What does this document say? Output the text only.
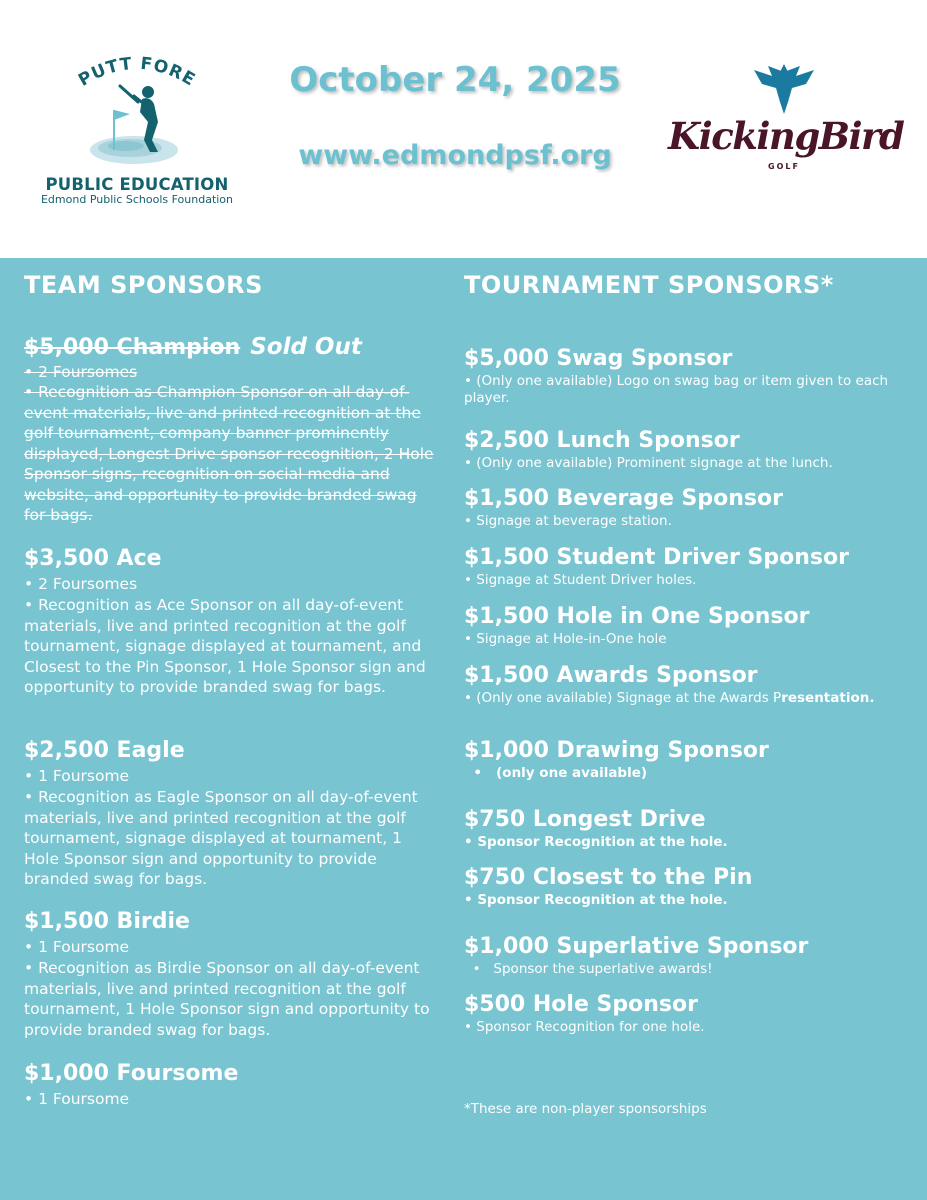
PUTT FORE
PUBLIC EDUCATION
Edmond Public Schools Foundation
October 24, 2025
www.edmondpsf.org	KickingBird
GOLF
TEAM SPONSORS
$5,000 Champion Sold Out
• 2 Foursomes
• Recognition as Champion Sponsor on all day-of-event materials, live and printed recognition at the golf tournament, company banner prominently displayed, Longest Drive sponsor recognition, 2 Hole Sponsor signs, recognition on social media and website, and opportunity to provide branded swag for bags.
$3,500 Ace
• 2 Foursomes
• Recognition as Ace Sponsor on all day-of-event materials, live and printed recognition at the golf tournament, signage displayed at tournament, and Closest to the Pin Sponsor, 1 Hole Sponsor sign and opportunity to provide branded swag for bags.
$2,500 Eagle
• 1 Foursome
• Recognition as Eagle Sponsor on all day-of-event materials, live and printed recognition at the golf tournament, signage displayed at tournament, 1 Hole Sponsor sign and opportunity to provide branded swag for bags.
$1,500 Birdie
• 1 Foursome
• Recognition as Birdie Sponsor on all day-of-event materials, live and printed recognition at the golf tournament, 1 Hole Sponsor sign and opportunity to provide branded swag for bags.
$1,000 Foursome
• 1 Foursome
TOURNAMENT SPONSORS*
$5,000 Swag Sponsor
• (Only one available) Logo on swag bag or item given to each player.
$2,500 Lunch Sponsor
• (Only one available) Prominent signage at the lunch.
$1,500 Beverage Sponsor
• Signage at beverage station.
$1,500 Student Driver Sponsor
• Signage at Student Driver holes.
$1,500 Hole in One Sponsor
• Signage at Hole-in-One hole
$1,500 Awards Sponsor
• (Only one available) Signage at the Awards Presentation.
$1,000 Drawing Sponsor
•   (only one available)
$750 Longest Drive
• Sponsor Recognition at the hole.
$750 Closest to the Pin
• Sponsor Recognition at the hole.
$1,000 Superlative Sponsor
•   Sponsor the superlative awards!
$500 Hole Sponsor
• Sponsor Recognition for one hole.
*These are non-player sponsorships
